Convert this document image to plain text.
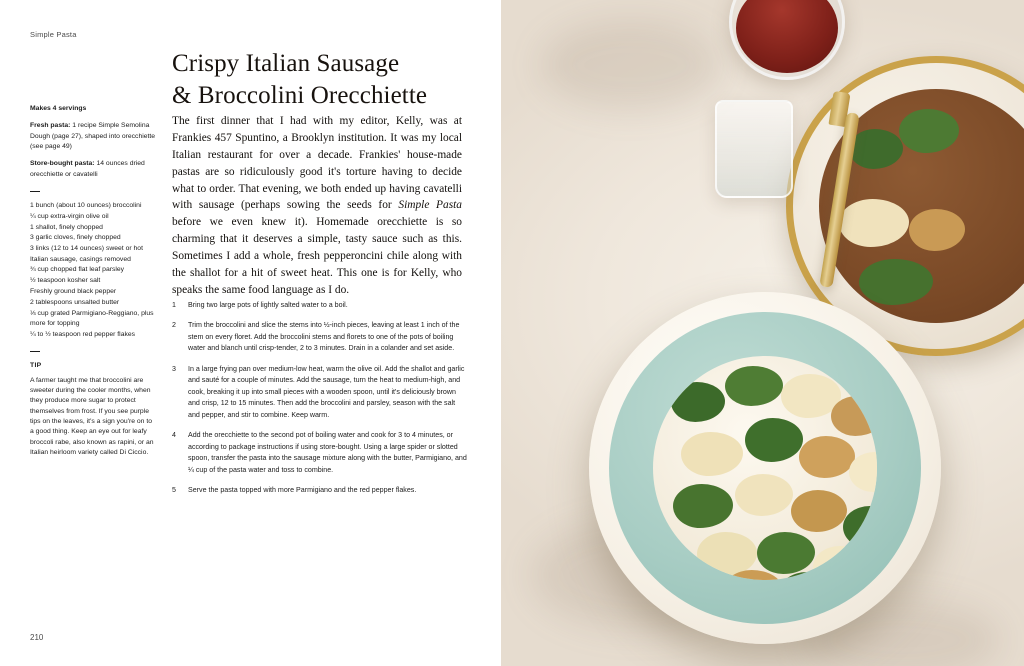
Simple Pasta
Crispy Italian Sausage
& Broccolini Orecchiette
Makes 4 servings
Fresh pasta: 1 recipe Simple Semolina Dough (page 27), shaped into orecchiette (see page 49)
Store-bought pasta: 14 ounces dried orecchiette or cavatelli
1 bunch (about 10 ounces) broccolini
¼ cup extra-virgin olive oil
1 shallot, finely chopped
3 garlic cloves, finely chopped
3 links (12 to 14 ounces) sweet or hot Italian sausage, casings removed
¾ cup chopped flat leaf parsley
½ teaspoon kosher salt
Freshly ground black pepper
2 tablespoons unsalted butter
⅓ cup grated Parmigiano-Reggiano, plus more for topping
¼ to ½ teaspoon red pepper flakes
TIP
A farmer taught me that broccolini are sweeter during the cooler months, when they produce more sugar to protect themselves from frost. If you see purple tips on the leaves, it's a sign you're on to a good thing. Keep an eye out for leafy broccoli rabe, also known as rapini, or an Italian heirloom variety called Di Ciccio.
The first dinner that I had with my editor, Kelly, was at Frankies 457 Spuntino, a Brooklyn institution. It was my local Italian restaurant for over a decade. Frankies' house-made pastas are so ridiculously good it's torture having to decide what to order. That evening, we both ended up having cavatelli with sausage (perhaps sowing the seeds for Simple Pasta before we even knew it). Homemade orecchiette is so charming that it deserves a simple, tasty sauce such as this. Sometimes I add a whole, fresh pepperoncini chile along with the shallot for a hit of sweet heat. This one is for Kelly, who speaks the same food language as I do.
1	Bring two large pots of lightly salted water to a boil.
2	Trim the broccolini and slice the stems into ½-inch pieces, leaving at least 1 inch of the stem on every floret. Add the broccolini stems and florets to one of the pots of boiling water and blanch until crisp-tender, 2 to 3 minutes. Drain in a colander and set aside.
3	In a large frying pan over medium-low heat, warm the olive oil. Add the shallot and garlic and sauté for a couple of minutes. Add the sausage, turn the heat to medium-high, and cook, breaking it up into small pieces with a wooden spoon, until it's deliciously brown and crisp, 12 to 15 minutes. Then add the broccolini and parsley, season with the salt and pepper, and stir to combine. Keep warm.
4	Add the orecchiette to the second pot of boiling water and cook for 3 to 4 minutes, or according to package instructions if using store-bought. Using a large spider or slotted spoon, transfer the pasta into the sausage mixture along with the butter, Parmigiano, and ¼ cup of the pasta water and toss to combine.
5	Serve the pasta topped with more Parmigiano and the red pepper flakes.
210
